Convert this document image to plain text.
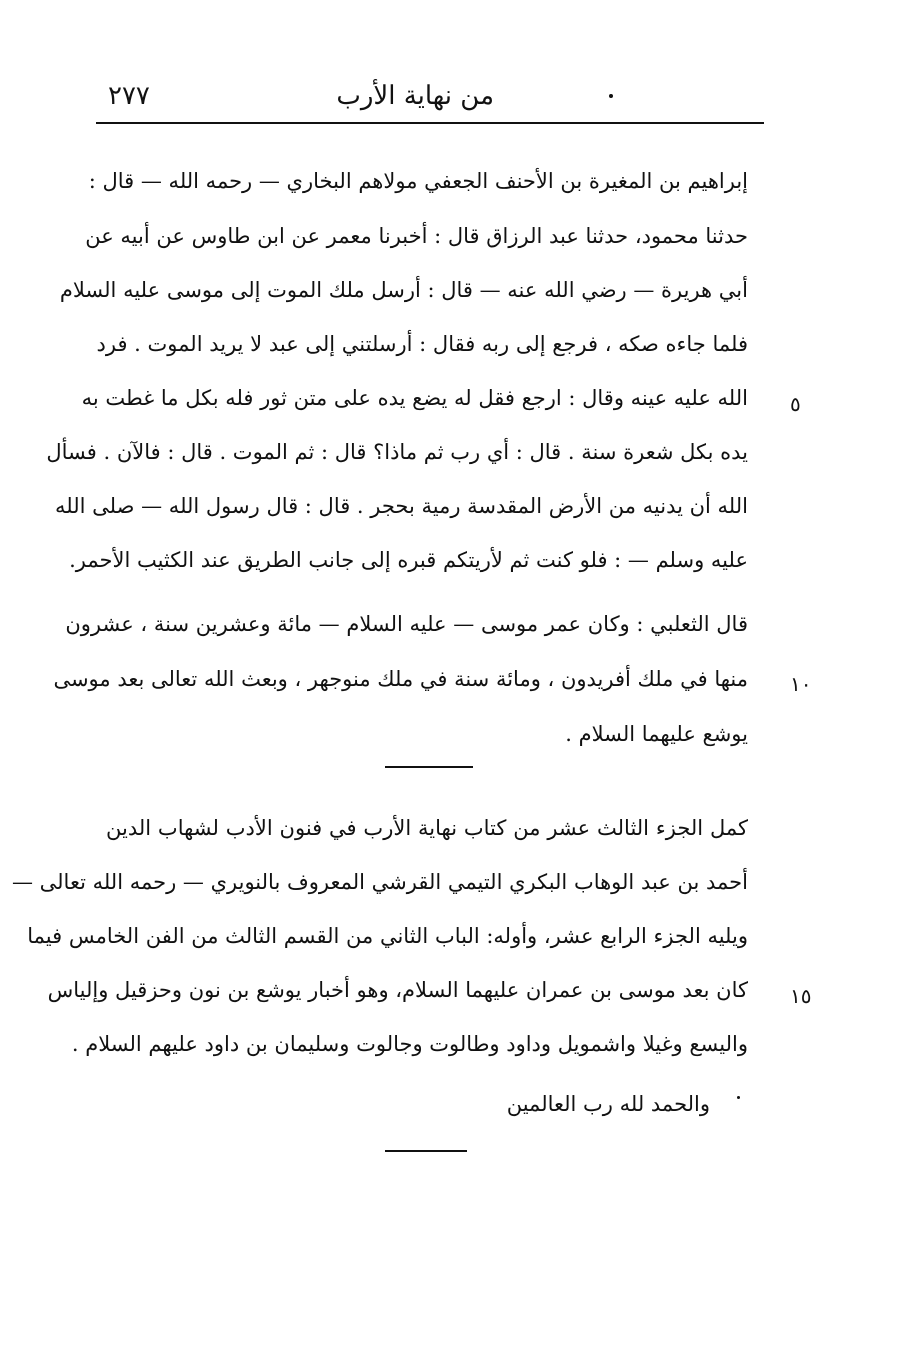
٢٧٧	من نهاية الأرب
إبراهيم بن المغيرة بن الأحنف الجعفي مولاهم البخاري — رحمه الله — قال :
حدثنا محمود، حدثنا عبد الرزاق قال : أخبرنا معمر عن ابن طاوس عن أبيه عن
أبي هريرة — رضي الله عنه — قال : أرسل ملك الموت إلى موسى عليه السلام
فلما جاءه صكه ، فرجع إلى ربه فقال : أرسلتني إلى عبد لا يريد الموت . فرد
الله عليه عينه وقال : ارجع فقل له يضع يده على متن ثور فله بكل ما غطت به
يده بكل شعرة سنة . قال : أي رب ثم ماذا؟ قال : ثم الموت . قال : فالآن . فسأل
الله أن يدنيه من الأرض المقدسة رمية بحجر . قال : قال رسول الله — صلى الله
عليه وسلم — : فلو كنت ثم لأريتكم قبره إلى جانب الطريق عند الكثيب الأحمر.
قال الثعلبي : وكان عمر موسى — عليه السلام — مائة وعشرين سنة ، عشرون
منها في ملك أفريدون ، ومائة سنة في ملك منوجهر ، وبعث الله تعالى بعد موسى
يوشع عليهما السلام .
كمل الجزء الثالث عشر من كتاب نهاية الأرب في فنون الأدب لشهاب الدين
أحمد بن عبد الوهاب البكري التيمي القرشي المعروف بالنويري — رحمه الله تعالى —
ويليه الجزء الرابع عشر، وأوله: الباب الثاني من القسم الثالث من الفن الخامس فيما
كان بعد موسى بن عمران عليهما السلام، وهو أخبار يوشع بن نون وحزقيل وإلياس
واليسع وغيلا واشمويل وداود وطالوت وجالوت وسليمان بن داود عليهم السلام .
والحمد لله رب العالمين
٥
١٠
١٥
